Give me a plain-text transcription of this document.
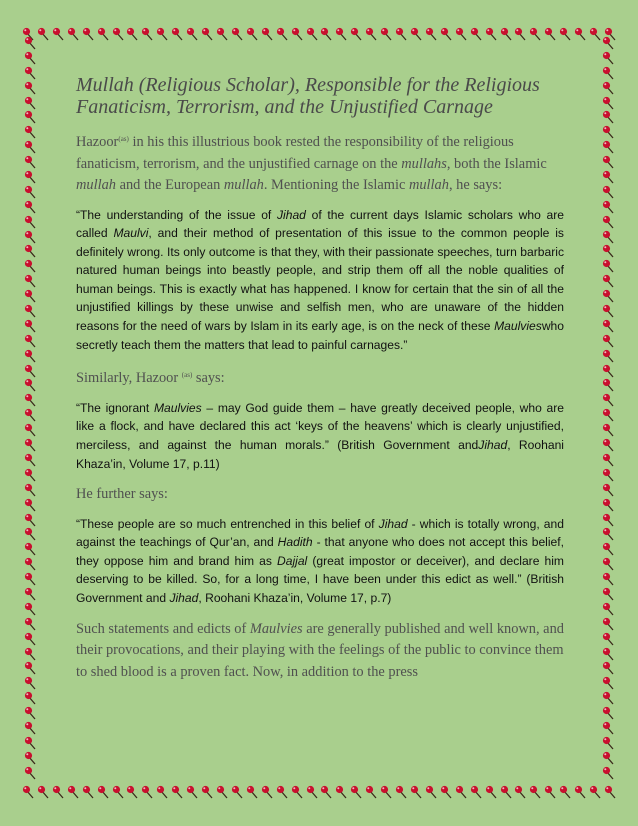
Mullah (Religious Scholar), Responsible for the Religious Fanaticism, Terrorism, and the Unjustified Carnage

Hazoor$^{(as)}$ in his this illustrious book rested the responsibility of the religious fanaticism, terrorism, and the unjustified carnage on the mullahs, both the Islamic mullah and the European mullah. Mentioning the Islamic mullah, he says:

“The understanding of the issue of Jihad of the current days Islamic scholars who are called Maulvi, and their method of presentation of this issue to the common people is definitely wrong. Its only outcome is that they, with their passionate speeches, turn barbaric natured human beings into beastly people, and strip them off all the noble qualities of human beings. This is exactly what has happened. I know for certain that the sin of all the unjustified killings by these unwise and selfish men, who are unaware of the hidden reasons for the need of wars by Islam in its early age, is on the neck of these Maulvieswho secretly teach them the matters that lead to painful carnages.”

Similarly, Hazoor $^{(as)}$ says:

“The ignorant Maulvies – may God guide them – have greatly deceived people, who are like a flock, and have declared this act ‘keys of the heavens’ which is clearly unjustified, merciless, and against the human morals.” (British Government andJihad, Roohani Khaza’in, Volume 17, p.11)

He further says:

“These people are so much entrenched in this belief of Jihad - which is totally wrong, and against the teachings of Qur’an, and Hadith - that anyone who does not accept this belief, they oppose him and brand him as Dajjal (great impostor or deceiver), and declare him deserving to be killed. So, for a long time, I have been under this edict as well.” (British Government and Jihad, Roohani Khaza’in, Volume 17, p.7)

Such statements and edicts of Maulvies are generally published and well known, and their provocations, and their playing with the feelings of the public to convince them to shed blood is a proven fact. Now, in addition to the press
